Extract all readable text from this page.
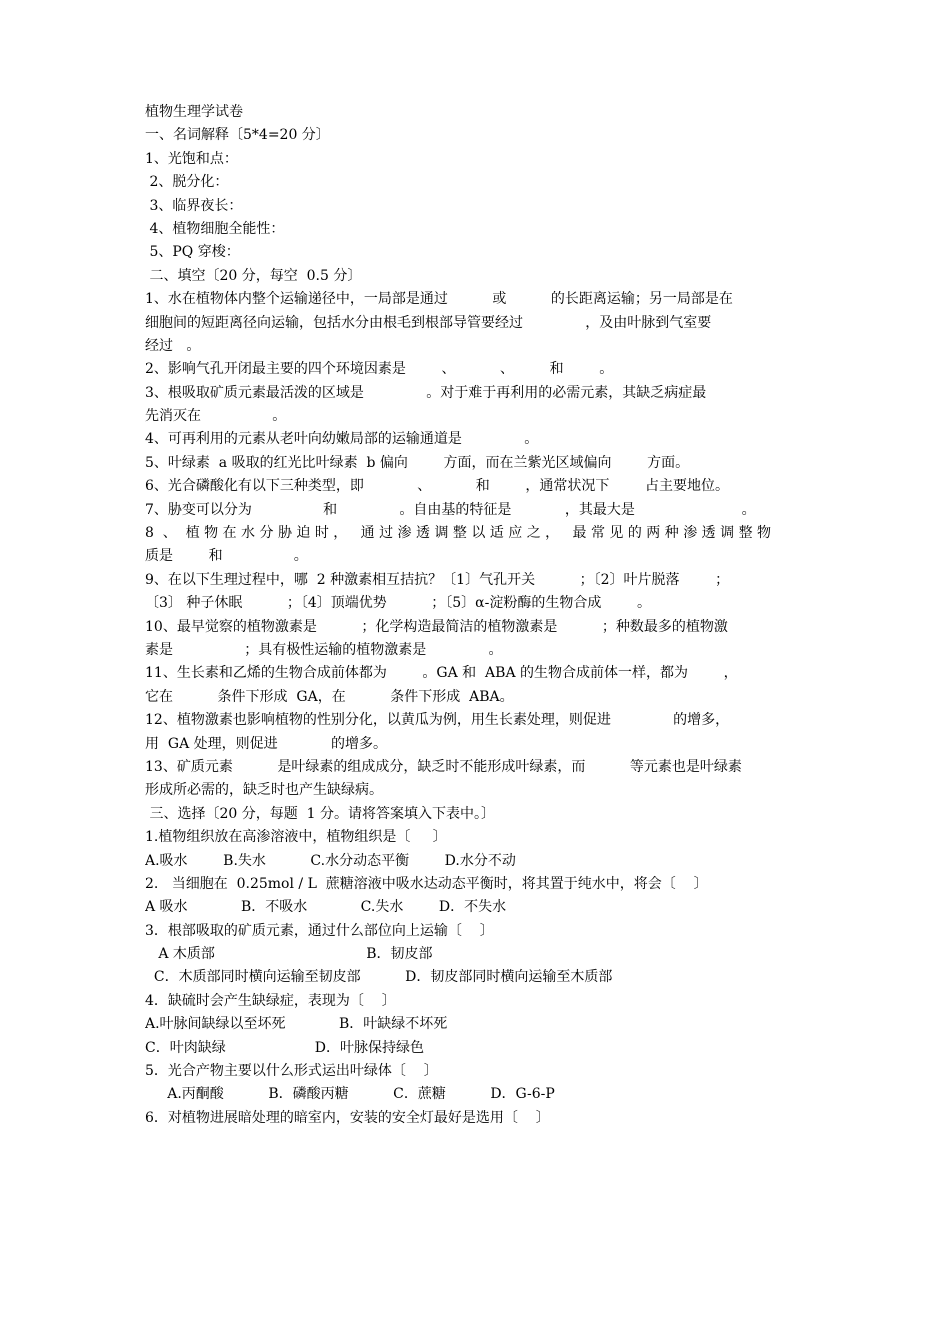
植物生理学试卷
一、名词解释〔5*4=20 分〕
1、光饱和点：
2、脱分化：
3、临界夜长：
4、植物细胞全能性：
5、PQ 穿梭：
二、填空〔20 分，每空  0.5 分〕
1、水在植物体内整个运输递径中，一局部是通过          或          的长距离运输；另一局部是在
细胞间的短距离径向运输，包括水分由根毛到根部导管要经过              ，及由叶脉到气室要
经过   。
2、影响气孔开闭最主要的四个环境因素是        、          、        和        。
3、根吸取矿质元素最活泼的区域是              。对于难于再利用的必需元素，其缺乏病症最
先消灭在                。
4、可再利用的元素从老叶向幼嫩局部的运输通道是              。
5、叶绿素  a 吸取的红光比叶绿素  b 偏向        方面，而在兰紫光区域偏向        方面。
6、光合磷酸化有以下三种类型，即            、          和        ，通常状况下        占主要地位。
7、胁变可以分为                和              。自由基的特征是            ，其最大是                        。
8  、  植 物 在 水 分 胁 迫 时 ，   通 过 渗 透 调 整 以 适 应 之 ，   最 常 见 的 两 种 渗 透 调 整 物
质是        和                。
9、在以下生理过程中，哪  2 种激素相互拮抗？〔1〕气孔开关          ；〔2〕叶片脱落        ；
〔3〕 种子休眠          ；〔4〕顶端优势          ；〔5〕α-淀粉酶的生物合成        。
10、最早觉察的植物激素是          ；化学构造最简洁的植物激素是          ；种数最多的植物激
素是                ；具有极性运输的植物激素是              。
11、生长素和乙烯的生物合成前体都为        。GA 和  ABA 的生物合成前体一样，都为        ，
它在          条件下形成  GA，在          条件下形成  ABA。
12、植物激素也影响植物的性别分化，以黄瓜为例，用生长素处理，则促进              的增多，
用  GA 处理，则促进            的增多。
13、矿质元素          是叶绿素的组成成分，缺乏时不能形成叶绿素，而          等元素也是叶绿素
形成所必需的，缺乏时也产生缺绿病。
三、选择〔20 分，每题  1 分。请将答案填入下表中。〕
1.植物组织放在高渗溶液中，植物组织是〔     〕
A.吸水        B.失水          C.水分动态平衡        D.水分不动
2.   当细胞在  0.25mol / L  蔗糖溶液中吸水达动态平衡时，将其置于纯水中，将会〔    〕
A 吸水            B．不吸水            C.失水        D．不失水
3．根部吸取的矿质元素，通过什么部位向上运输〔    〕
A 木质部                                  B．韧皮部
C．木质部同时横向运输至韧皮部          D．韧皮部同时横向运输至木质部
4．缺硫时会产生缺绿症，表现为〔    〕
A.叶脉间缺绿以至坏死            B．叶缺绿不坏死
C．叶肉缺绿                    D．叶脉保持绿色
5．光合产物主要以什么形式运出叶绿体〔    〕
A.丙酮酸          B．磷酸丙糖          C．蔗糖          D．G-6-P
6．对植物进展暗处理的暗室内，安装的安全灯最好是选用〔    〕
